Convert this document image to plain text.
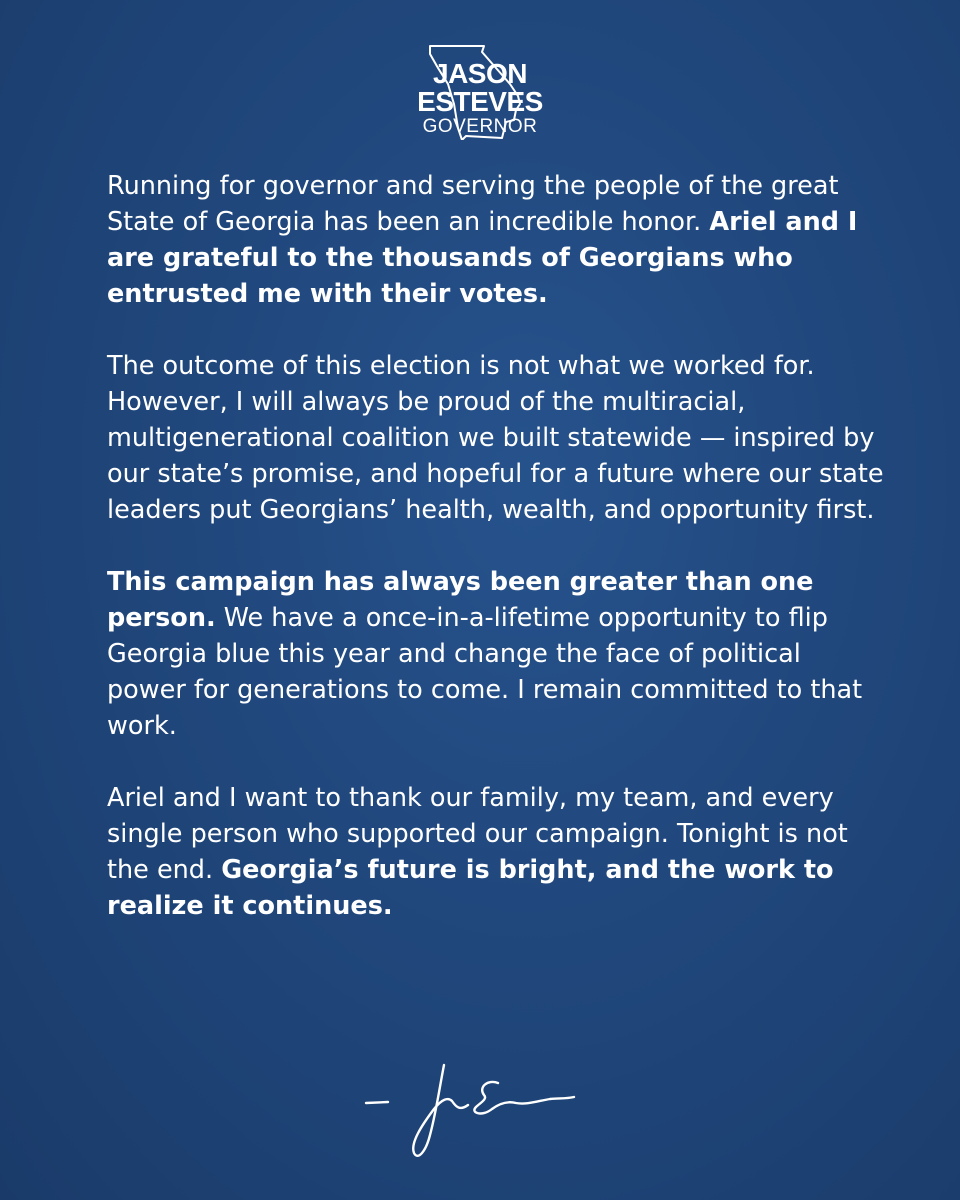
JASON
ESTEVES
GOVERNOR

Running for governor and serving the people of the great State of Georgia has been an incredible honor. Ariel and I are grateful to the thousands of Georgians who entrusted me with their votes.

The outcome of this election is not what we worked for. However, I will always be proud of the multiracial, multigenerational coalition we built statewide — inspired by our state’s promise, and hopeful for a future where our state leaders put Georgians’ health, wealth, and opportunity first.

This campaign has always been greater than one person. We have a once-in-a-lifetime opportunity to flip Georgia blue this year and change the face of political power for generations to come. I remain committed to that work.

Ariel and I want to thank our family, my team, and every single person who supported our campaign. Tonight is not the end. Georgia’s future is bright, and the work to realize it continues.
